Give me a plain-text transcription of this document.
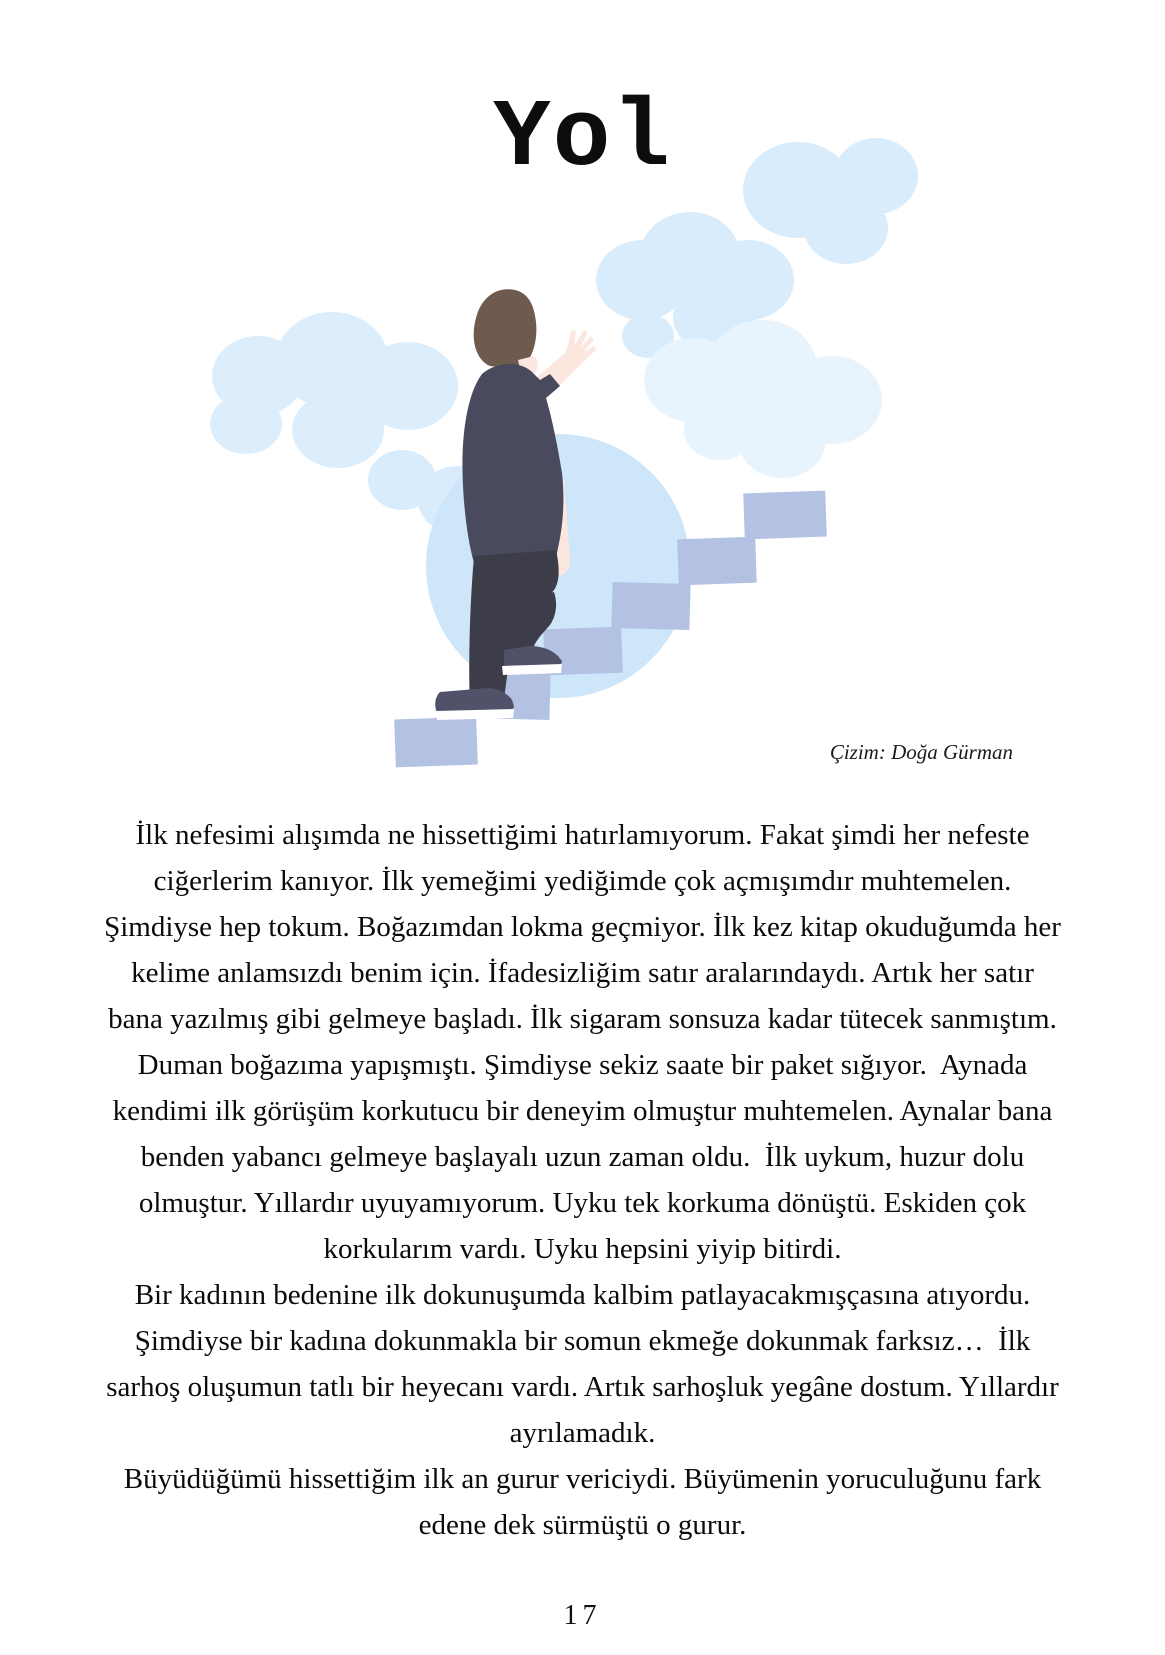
Yol
Çizim: Doğa Gürman
İlk nefesimi alışımda ne hissettiğimi hatırlamıyorum. Fakat şimdi her nefeste
ciğerlerim kanıyor. İlk yemeğimi yediğimde çok açmışımdır muhtemelen.
Şimdiyse hep tokum. Boğazımdan lokma geçmiyor. İlk kez kitap okuduğumda her
kelime anlamsızdı benim için. İfadesizliğim satır aralarındaydı. Artık her satır
bana yazılmış gibi gelmeye başladı. İlk sigaram sonsuza kadar tütecek sanmıştım.
Duman boğazıma yapışmıştı. Şimdiyse sekiz saate bir paket sığıyor.  Aynada
kendimi ilk görüşüm korkutucu bir deneyim olmuştur muhtemelen. Aynalar bana
benden yabancı gelmeye başlayalı uzun zaman oldu.  İlk uykum, huzur dolu
olmuştur. Yıllardır uyuyamıyorum. Uyku tek korkuma dönüştü. Eskiden çok
korkularım vardı. Uyku hepsini yiyip bitirdi.
Bir kadının bedenine ilk dokunuşumda kalbim patlayacakmışçasına atıyordu.
Şimdiyse bir kadına dokunmakla bir somun ekmeğe dokunmak farksız…  İlk
sarhoş oluşumun tatlı bir heyecanı vardı. Artık sarhoşluk yegâne dostum. Yıllardır
ayrılamadık.
Büyüdüğümü hissettiğim ilk an gurur vericiydi. Büyümenin yoruculuğunu fark
edene dek sürmüştü o gurur.
17
